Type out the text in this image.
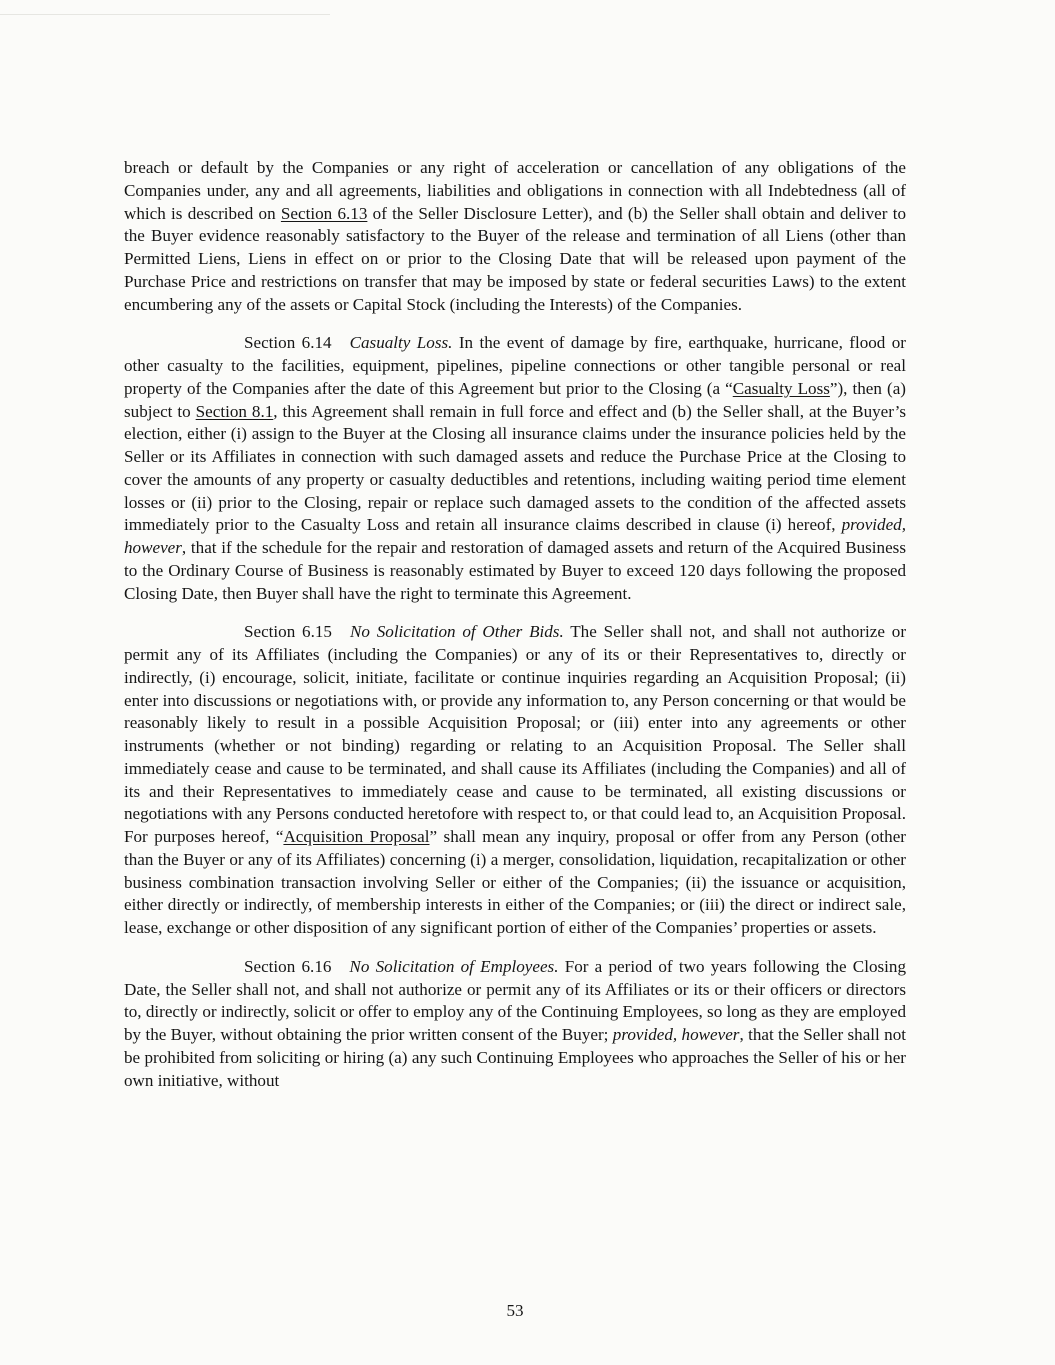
breach or default by the Companies or any right of acceleration or cancellation of any obligations of the Companies under, any and all agreements, liabilities and obligations in connection with all Indebtedness (all of which is described on Section 6.13 of the Seller Disclosure Letter), and (b) the Seller shall obtain and deliver to the Buyer evidence reasonably satisfactory to the Buyer of the release and termination of all Liens (other than Permitted Liens, Liens in effect on or prior to the Closing Date that will be released upon payment of the Purchase Price and restrictions on transfer that may be imposed by state or federal securities Laws) to the extent encumbering any of the assets or Capital Stock (including the Interests) of the Companies.

Section 6.14 Casualty Loss. In the event of damage by fire, earthquake, hurricane, flood or other casualty to the facilities, equipment, pipelines, pipeline connections or other tangible personal or real property of the Companies after the date of this Agreement but prior to the Closing (a “Casualty Loss”), then (a) subject to Section 8.1, this Agreement shall remain in full force and effect and (b) the Seller shall, at the Buyer’s election, either (i) assign to the Buyer at the Closing all insurance claims under the insurance policies held by the Seller or its Affiliates in connection with such damaged assets and reduce the Purchase Price at the Closing to cover the amounts of any property or casualty deductibles and retentions, including waiting period time element losses or (ii) prior to the Closing, repair or replace such damaged assets to the condition of the affected assets immediately prior to the Casualty Loss and retain all insurance claims described in clause (i) hereof, provided, however, that if the schedule for the repair and restoration of damaged assets and return of the Acquired Business to the Ordinary Course of Business is reasonably estimated by Buyer to exceed 120 days following the proposed Closing Date, then Buyer shall have the right to terminate this Agreement.

Section 6.15 No Solicitation of Other Bids. The Seller shall not, and shall not authorize or permit any of its Affiliates (including the Companies) or any of its or their Representatives to, directly or indirectly, (i) encourage, solicit, initiate, facilitate or continue inquiries regarding an Acquisition Proposal; (ii) enter into discussions or negotiations with, or provide any information to, any Person concerning or that would be reasonably likely to result in a possible Acquisition Proposal; or (iii) enter into any agreements or other instruments (whether or not binding) regarding or relating to an Acquisition Proposal. The Seller shall immediately cease and cause to be terminated, and shall cause its Affiliates (including the Companies) and all of its and their Representatives to immediately cease and cause to be terminated, all existing discussions or negotiations with any Persons conducted heretofore with respect to, or that could lead to, an Acquisition Proposal. For purposes hereof, “Acquisition Proposal” shall mean any inquiry, proposal or offer from any Person (other than the Buyer or any of its Affiliates) concerning (i) a merger, consolidation, liquidation, recapitalization or other business combination transaction involving Seller or either of the Companies; (ii) the issuance or acquisition, either directly or indirectly, of membership interests in either of the Companies; or (iii) the direct or indirect sale, lease, exchange or other disposition of any significant portion of either of the Companies’ properties or assets.

Section 6.16 No Solicitation of Employees. For a period of two years following the Closing Date, the Seller shall not, and shall not authorize or permit any of its Affiliates or its or their officers or directors to, directly or indirectly, solicit or offer to employ any of the Continuing Employees, so long as they are employed by the Buyer, without obtaining the prior written consent of the Buyer; provided, however, that the Seller shall not be prohibited from soliciting or hiring (a) any such Continuing Employees who approaches the Seller of his or her own initiative, without

53
